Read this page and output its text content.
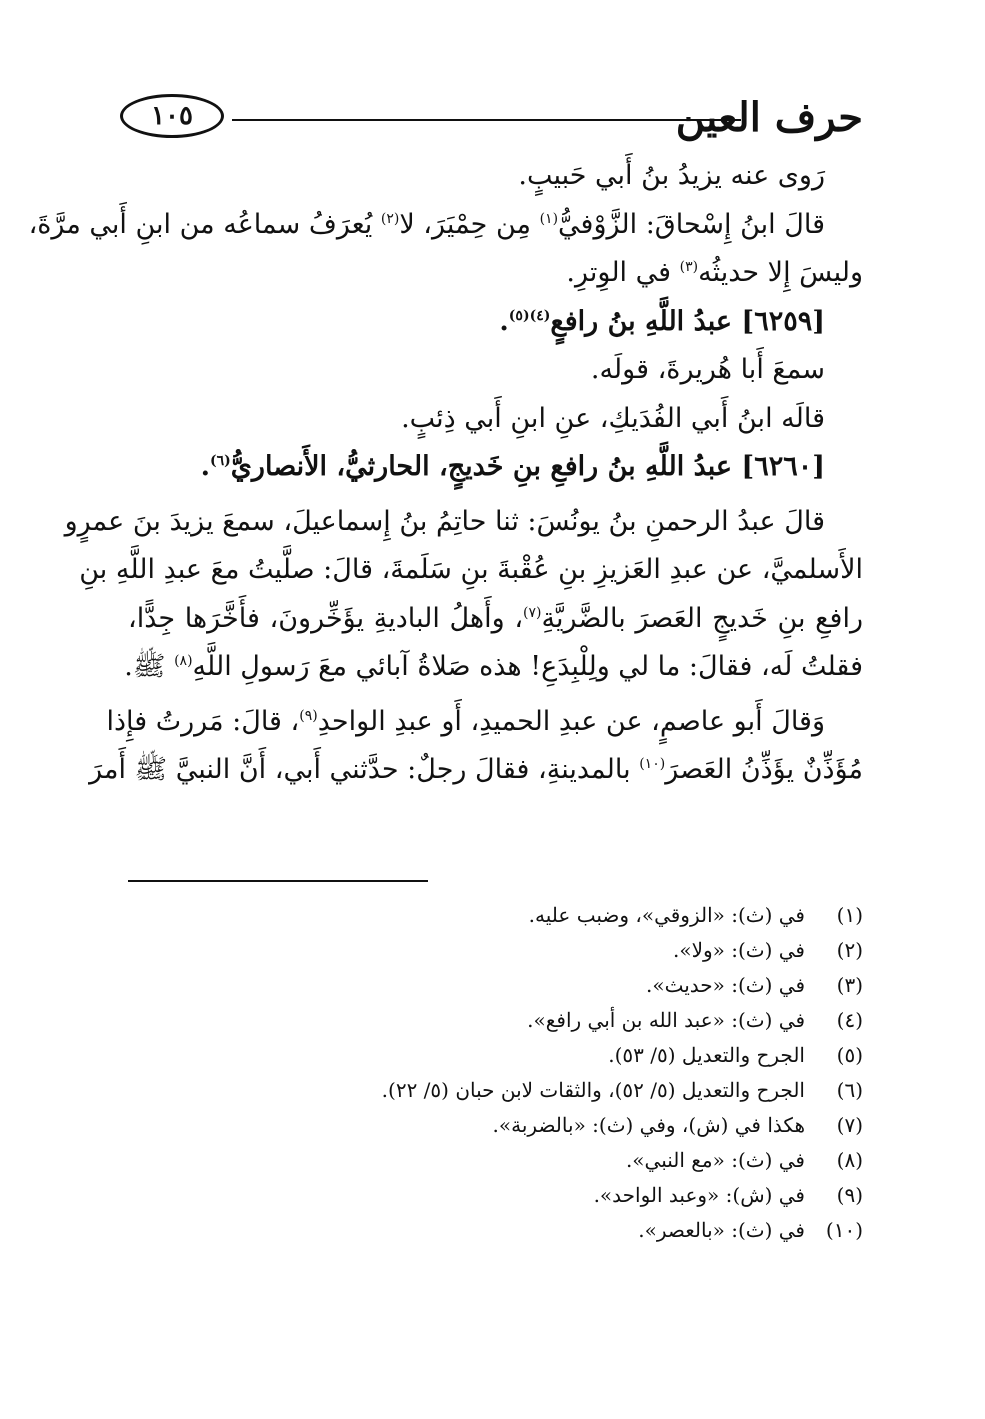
حرف العين
١٠٥
رَوى عنه يزيدُ بنُ أَبي حَبيبٍ.
قالَ ابنُ إِسْحاقَ: الزَّوْفيُّ$^{(١)}$ مِن حِمْيَرَ، لا$^{(٢)}$ يُعرَفُ سماعُه من ابنِ أَبي مرَّةَ،
وليسَ إِلا حديثُه$^{(٣)}$ في الوِترِ.
[٦٢٥٩] عبدُ اللَّهِ بنُ رافعٍ$^{(٤)(٥)}$.
سمعَ أَبا هُريرةَ، قولَه.
قالَه ابنُ أَبي الفُدَيكِ، عنِ ابنِ أَبي ذِئبٍ.
[٦٢٦٠] عبدُ اللَّهِ بنُ رافعِ بنِ خَديجٍ، الحارثيُّ، الأَنصاريُّ$^{(٦)}$.
قالَ عبدُ الرحمنِ بنُ يونُسَ: ثنا حاتِمُ بنُ إِسماعيلَ، سمعَ يزيدَ بنَ عمرٍو
الأَسلميَّ، عن عبدِ العَزيزِ بنِ عُقْبةَ بنِ سَلَمةَ، قالَ: صلَّيتُ معَ عبدِ اللَّهِ بنِ
رافعِ بنِ خَديجٍ العَصرَ بالضَّريَّةِ$^{(٧)}$، وأَهلُ الباديةِ يؤَخِّرونَ، فأَخَّرَها جِدًّا،
فقلتُ لَه، فقالَ: ما لي ولِلْبِدَعِ! هذه صَلاةُ آبائي معَ رَسولِ اللَّهِ$^{(٨)}$ ﷺ.
وَقالَ أَبو عاصمٍ، عن عبدِ الحميدِ، أَو عبدِ الواحدِ$^{(٩)}$، قالَ: مَررتُ فإِذا
مُؤَذِّنٌ يؤَذِّنُ العَصرَ$^{(١٠)}$ بالمدينةِ، فقالَ رجلٌ: حدَّثني أَبي، أَنَّ النبيَّ ﷺ أَمرَ
(١)في (ث): «الزوقي»، وضبب عليه.
(٢)في (ث): «ولا».
(٣)في (ث): «حديث».
(٤)في (ث): «عبد الله بن أبي رافع».
(٥)الجرح والتعديل (٥/ ٥٣).
(٦)الجرح والتعديل (٥/ ٥٢)، والثقات لابن حبان (٥/ ٢٢).
(٧)هكذا في (ش)، وفي (ث): «بالضربة».
(٨)في (ث): «مع النبي».
(٩)في (ش): «وعبد الواحد».
(١٠)في (ث): «بالعصر».
